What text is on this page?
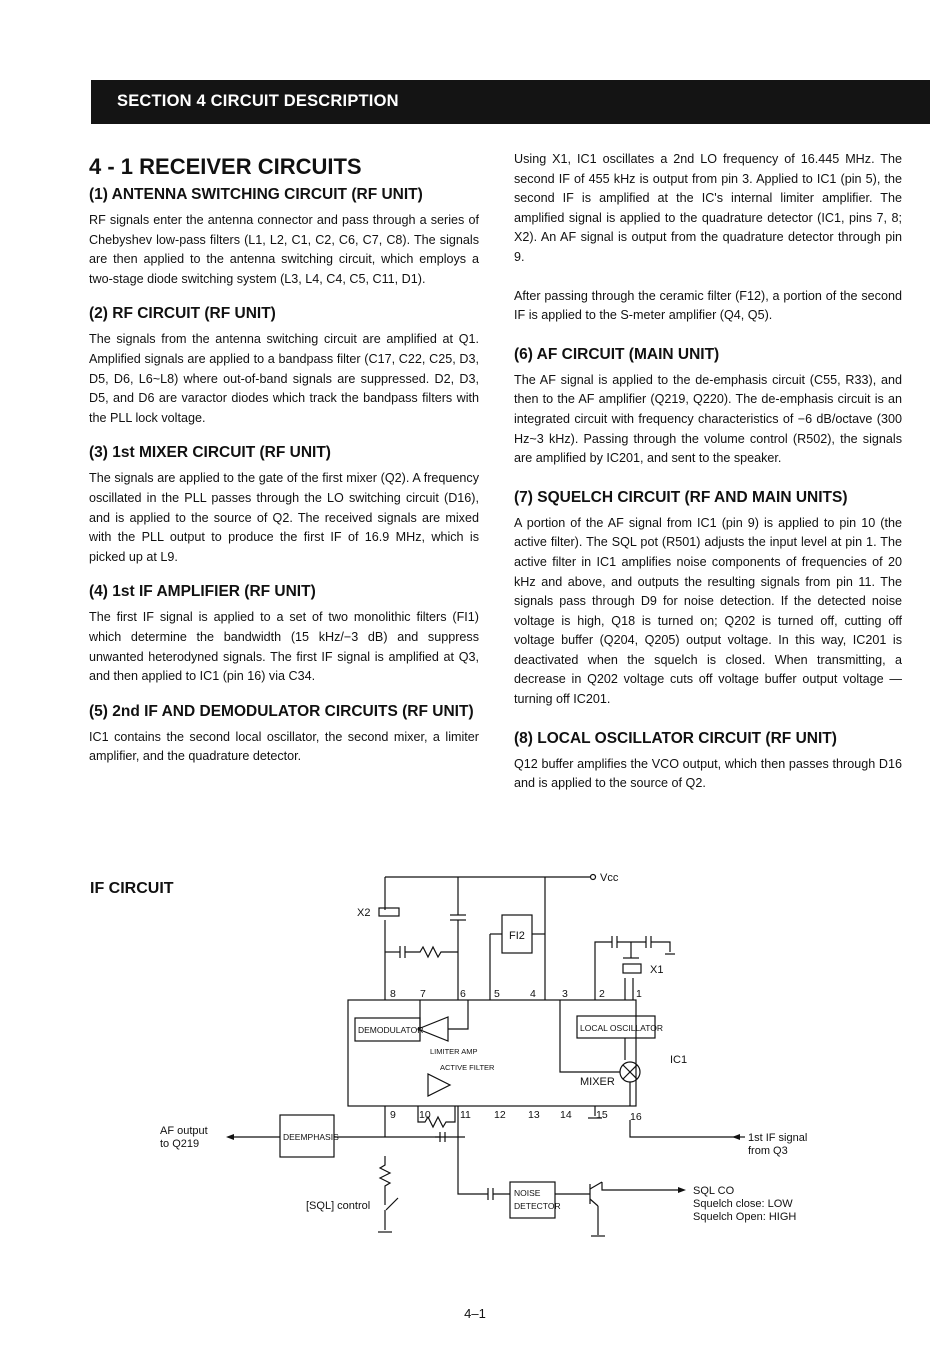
SECTION 4 CIRCUIT DESCRIPTION
4 - 1 RECEIVER CIRCUITS
(1) ANTENNA SWITCHING CIRCUIT (RF UNIT)

RF signals enter the antenna connector and pass through a series of Chebyshev low-pass filters (L1, L2, C1, C2, C6, C7, C8). The signals are then applied to the antenna switching circuit, which employs a two-stage diode switching system (L3, L4, C4, C5, C11, D1).

(2) RF CIRCUIT (RF UNIT)

The signals from the antenna switching circuit are amplified at Q1. Amplified signals are applied to a bandpass filter (C17, C22, C25, D3, D5, D6, L6~L8) where out-of-band signals are suppressed. D2, D3, D5, and D6 are varactor diodes which track the bandpass filters with the PLL lock voltage.

(3) 1st MIXER CIRCUIT (RF UNIT)

The signals are applied to the gate of the first mixer (Q2). A frequency oscillated in the PLL passes through the LO switching circuit (D16), and is applied to the source of Q2. The received signals are mixed with the PLL output to produce the first IF of 16.9 MHz, which is picked up at L9.

(4) 1st IF AMPLIFIER (RF UNIT)

The first IF signal is applied to a set of two monolithic filters (FI1) which determine the bandwidth (15 kHz/−3 dB) and suppress unwanted heterodyned signals. The first IF signal is amplified at Q3, and then applied to IC1 (pin 16) via C34.

(5) 2nd IF AND DEMODULATOR CIRCUITS (RF UNIT)

IC1 contains the second local oscillator, the second mixer, a limiter amplifier, and the quadrature detector.

Using X1, IC1 oscillates a 2nd LO frequency of 16.445 MHz. The second IF of 455 kHz is output from pin 3. Applied to IC1 (pin 5), the second IF is amplified at the IC's internal limiter amplifier. The amplified signal is applied to the quadrature detector (IC1, pins 7, 8; X2). An AF signal is output from the quadrature detector through pin 9.

After passing through the ceramic filter (F12), a portion of the second IF is applied to the S-meter amplifier (Q4, Q5).

(6) AF CIRCUIT (MAIN UNIT)

The AF signal is applied to the de-emphasis circuit (C55, R33), and then to the AF amplifier (Q219, Q220). The de-emphasis circuit is an integrated circuit with frequency characteristics of −6 dB/octave (300 Hz~3 kHz). Passing through the volume control (R502), the signals are amplified by IC201, and sent to the speaker.

(7) SQUELCH CIRCUIT (RF AND MAIN UNITS)

A portion of the AF signal from IC1 (pin 9) is applied to pin 10 (the active filter). The SQL pot (R501) adjusts the input level at pin 1. The active filter in IC1 amplifies noise components of frequencies of 20 kHz and above, and outputs the resulting signals from pin 11. The signals pass through D9 for noise detection. If the detected noise voltage is high, Q18 is turned on; Q202 is turned off, cutting off voltage buffer (Q204, Q205) output voltage. In this way, IC201 is deactivated when the squelch is closed. When transmitting, a decrease in Q202 voltage cuts off voltage buffer output voltage — turning off IC201.

(8) LOCAL OSCILLATOR CIRCUIT (RF UNIT)

Q12 buffer amplifies the VCO output, which then passes through D16 and is applied to the source of Q2.

IF CIRCUIT
Vcc
X2
FI2
X1
IC1
8 7	6	5	4 3	2	1
DEMODULATOR
LIMITER AMP
LOCAL OSCILLATOR
MIXER
ACTIVE FILTER
9 10	11 12 13 14 15 16
DEEMPHASIS
AF output
to Q219
[SQL] control
NOISE
DETECTOR
SQL CO
Squelch close: LOW
Squelch Open: HIGH
1st IF signal
from Q3
4–1
